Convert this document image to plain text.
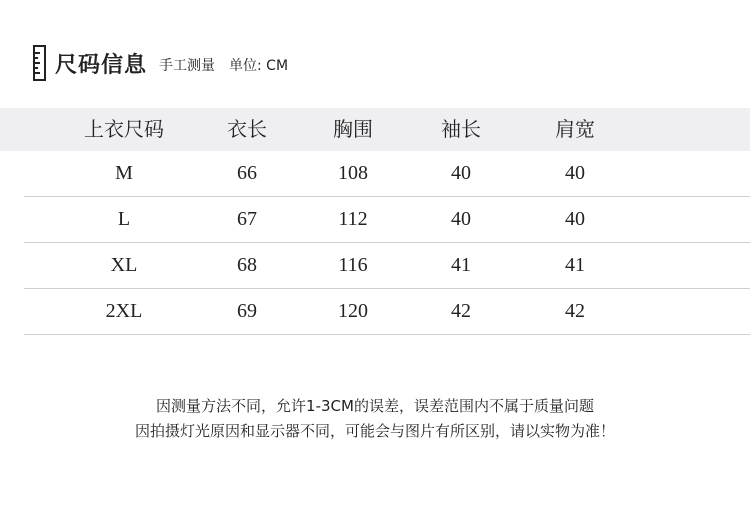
尺码信息 手工测量 单位: CM
上衣尺码	衣长	胸围	袖长	肩宽
M	66	108	40	40
L	67	112	40	40
XL	68	116	41	41
2XL	69	120	42	42
因测量方法不同，允许1-3CM的误差，误差范围内不属于质量问题
因拍摄灯光原因和显示器不同，可能会与图片有所区别，请以实物为准！
